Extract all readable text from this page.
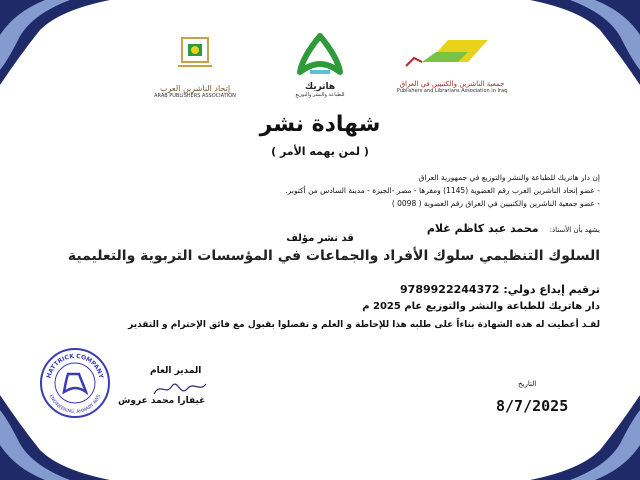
إتحاد الناشرين العرب
ARAB PUBLISHERS ASSOCIATION
هاتريك
للطباعة والنشر والتوزيع
جمعية الناشرين والكتبيين في العراق
Publishers and Librarians Association in Iraq
شهادة نشر
( لمن يهمه الأمر )
إن دار هاتريك للطباعة والنشر والتوزيع في جمهورية العراق
- عضو إتحاد الناشرين العرب رقم العضوية (1145) ومقرها - مصر -الجيزة - مدينة السادس من أكتوبر.
- عضو جمعية الناشرين والكتبيين في العراق رقم العضوية ( 0098 )
يشهد بأن الأستاذ: محمد عبد كاظم غلام
قد نشر مؤلف
السلوك التنظيمي سلوك الأفراد والجماعات في المؤسسات التربوية والتعليمية
ترقيم إيداع دولي: 9789922244372
دار هاتريك للطباعة والنشر والتوزيع عام 2025 م
لقـد أعطيت له هذه الشهادة بناءاً على طلبه هذا للإحاطة و العلم و تفضلوا بقبول مع فائق الإحترام و التقدير
HATTRICK COMPANY
ENGINEERING, AHMADY AWS
المدير العام
غيفارا محمد عروش
التاريخ
8/7/2025
